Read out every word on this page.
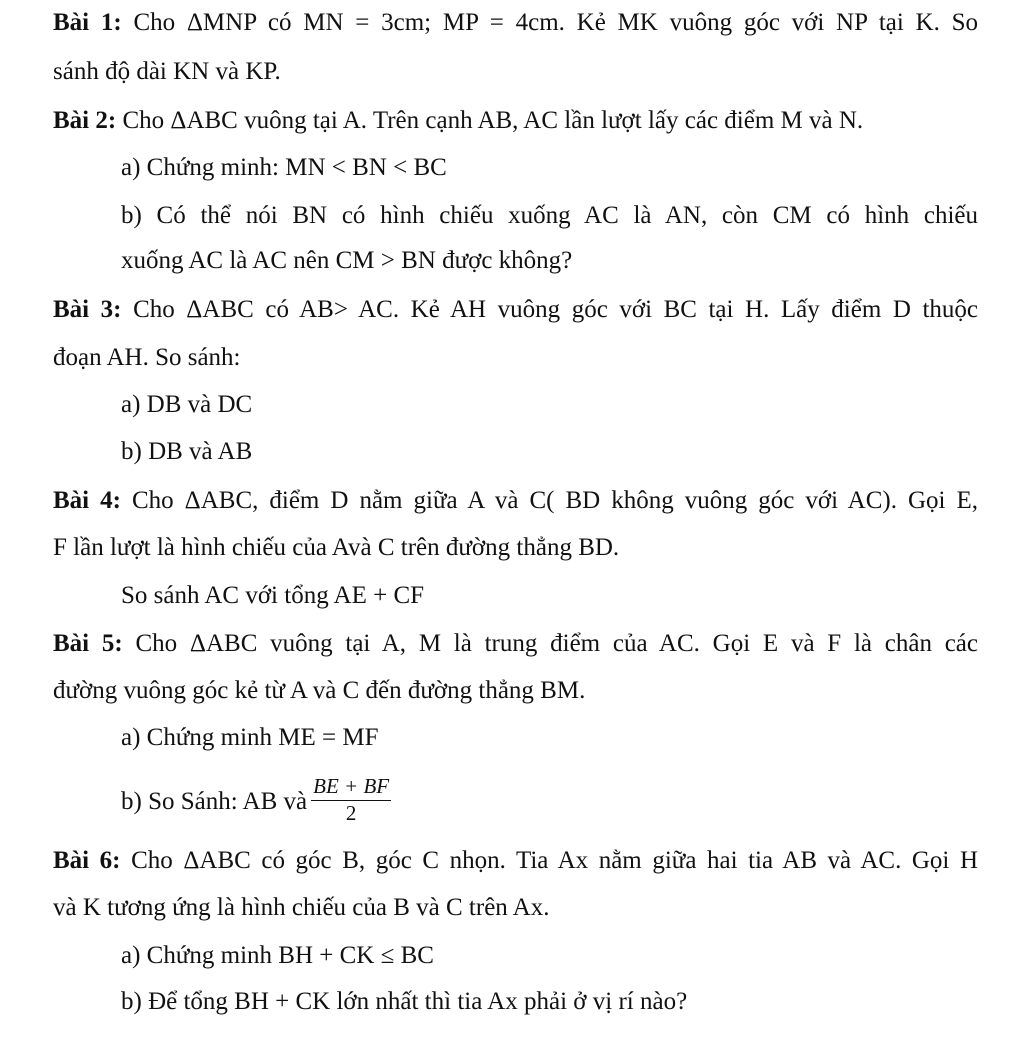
Bài 1: Cho ΔMNP có MN = 3cm; MP = 4cm. Kẻ MK vuông góc với NP tại K. So
sánh độ dài KN và KP.
Bài 2: Cho ΔABC vuông tại A. Trên cạnh AB, AC lần lượt lấy các điểm M và N.
a) Chứng minh: MN < BN < BC
b) Có thể nói BN có hình chiếu xuống AC là AN, còn CM có hình chiếu
xuống AC là AC nên CM > BN được không?
Bài 3: Cho ΔABC có AB> AC. Kẻ AH vuông góc với BC tại H. Lấy điểm D thuộc
đoạn AH. So sánh:
a) DB và DC
b) DB và AB
Bài 4: Cho ΔABC, điểm D nằm giữa A và C( BD không vuông góc với AC). Gọi E,
F lần lượt là hình chiếu của Avà C trên đường thẳng BD.
So sánh AC với tổng AE + CF
Bài 5: Cho ΔABC vuông tại A, M là trung điểm của AC. Gọi E và F là chân các
đường vuông góc kẻ từ A và C đến đường thẳng BM.
a) Chứng minh ME = MF
b) So Sánh: AB và $\frac{BE + BF}{2}$
Bài 6: Cho ΔABC có góc B, góc C nhọn. Tia Ax nằm giữa hai tia AB và AC. Gọi H
và K tương ứng là hình chiếu của B và C trên Ax.
a) Chứng minh BH + CK ≤ BC
b) Để tổng BH + CK lớn nhất thì tia Ax phải ở vị rí nào?
